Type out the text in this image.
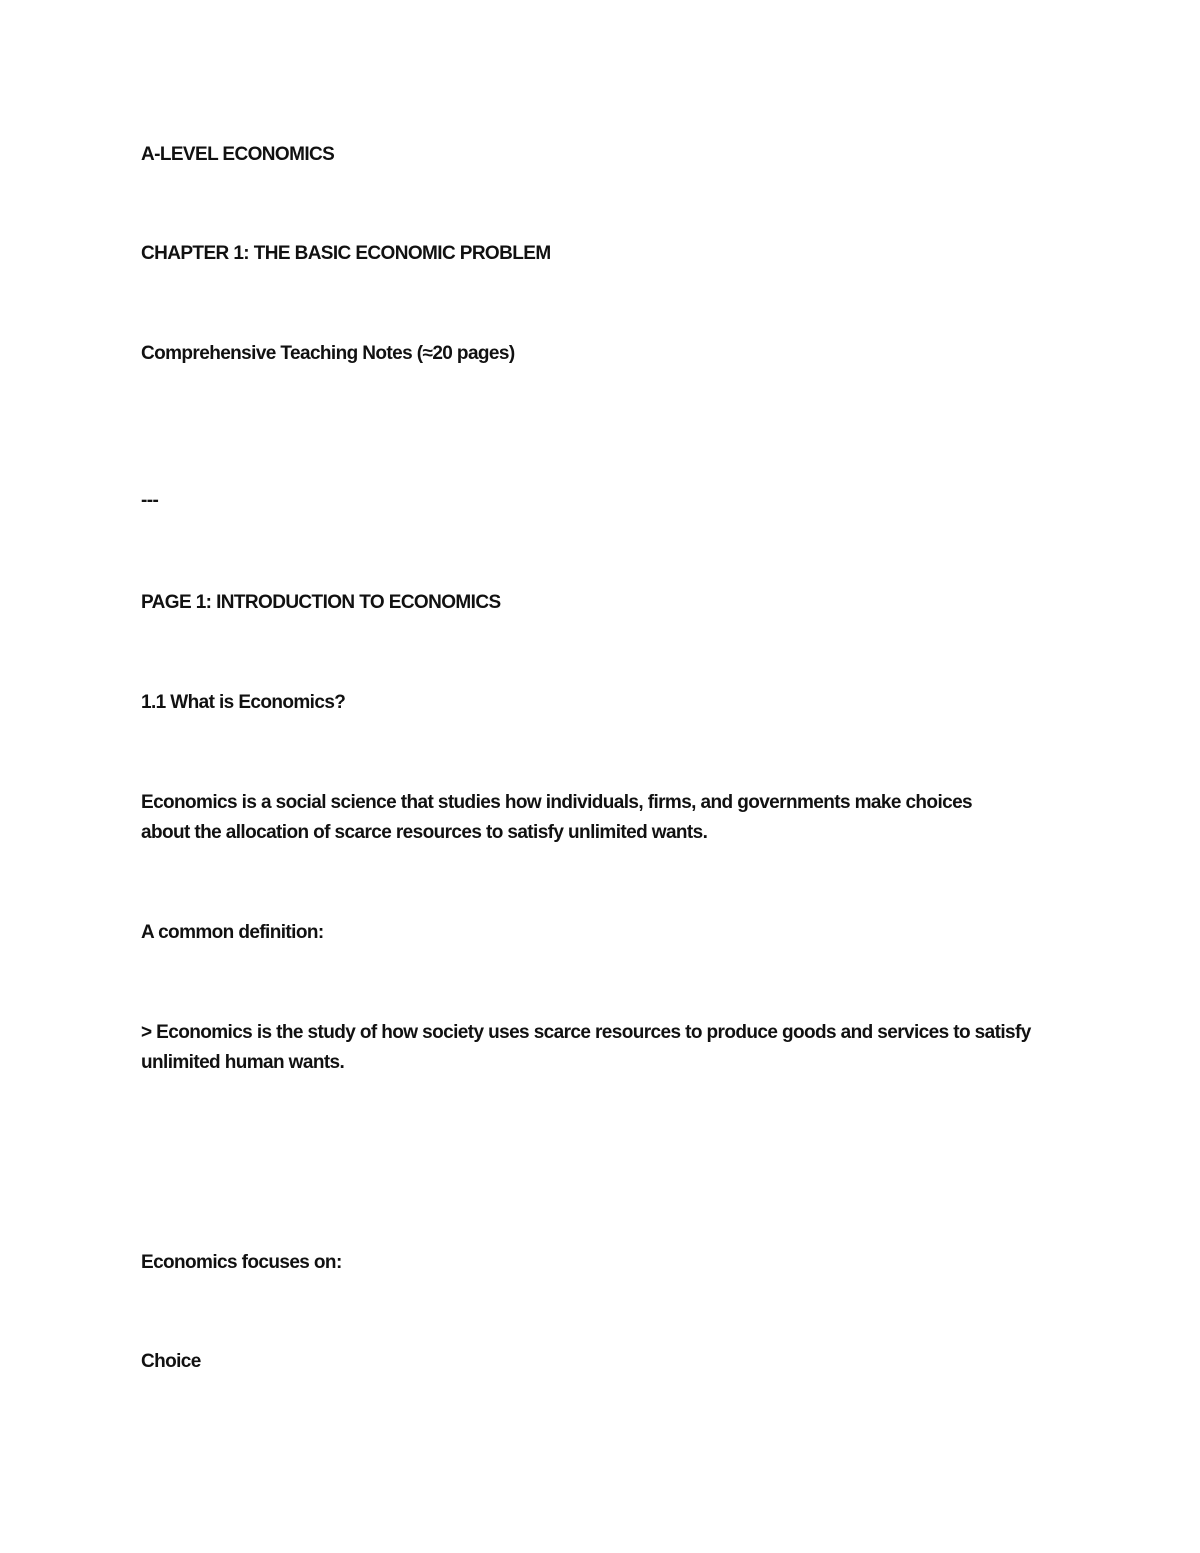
A-LEVEL ECONOMICS
CHAPTER 1: THE BASIC ECONOMIC PROBLEM
Comprehensive Teaching Notes (≈20 pages)
---
PAGE 1: INTRODUCTION TO ECONOMICS
1.1 What is Economics?
Economics is a social science that studies how individuals, firms, and governments make choices about the allocation of scarce resources to satisfy unlimited wants.
A common definition:
> Economics is the study of how society uses scarce resources to produce goods and services to satisfy unlimited human wants.
Economics focuses on:
Choice
